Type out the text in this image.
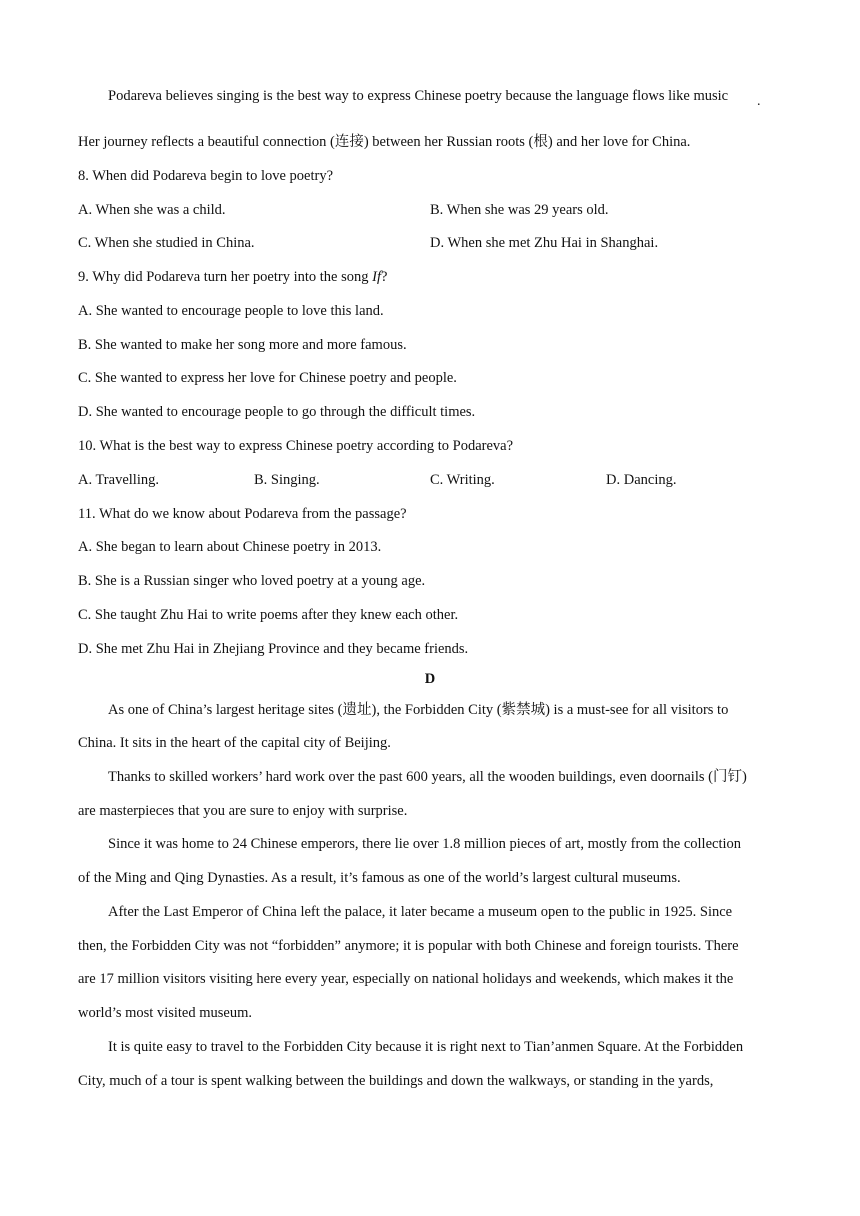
Podareva believes singing is the best way to express Chinese poetry because the language flows like music .
Her journey reflects a beautiful connection (连接) between her Russian roots (根) and her love for China.
8. When did Podareva begin to love poetry?
A. When she was a child.	B. When she was 29 years old.
C. When she studied in China.	D. When she met Zhu Hai in Shanghai.
9. Why did Podareva turn her poetry into the song If?
A. She wanted to encourage people to love this land.
B. She wanted to make her song more and more famous.
C. She wanted to express her love for Chinese poetry and people.
D. She wanted to encourage people to go through the difficult times.
10. What is the best way to express Chinese poetry according to Podareva?
A. Travelling.	B. Singing.	C. Writing.	D. Dancing.
11. What do we know about Podareva from the passage?
A. She began to learn about Chinese poetry in 2013.
B. She is a Russian singer who loved poetry at a young age.
C. She taught Zhu Hai to write poems after they knew each other.
D. She met Zhu Hai in Zhejiang Province and they became friends.
D
As one of China’s largest heritage sites (遗址), the Forbidden City (紫禁城) is a must-see for all visitors to
China. It sits in the heart of the capital city of Beijing.
Thanks to skilled workers’ hard work over the past 600 years, all the wooden buildings, even doornails (门钉)
are masterpieces that you are sure to enjoy with surprise.
Since it was home to 24 Chinese emperors, there lie over 1.8 million pieces of art, mostly from the collection
of the Ming and Qing Dynasties. As a result, it’s famous as one of the world’s largest cultural museums.
After the Last Emperor of China left the palace, it later became a museum open to the public in 1925. Since
then, the Forbidden City was not “forbidden” anymore; it is popular with both Chinese and foreign tourists. There
are 17 million visitors visiting here every year, especially on national holidays and weekends, which makes it the
world’s most visited museum.
It is quite easy to travel to the Forbidden City because it is right next to Tian’anmen Square. At the Forbidden
City, much of a tour is spent walking between the buildings and down the walkways, or standing in the yards,
